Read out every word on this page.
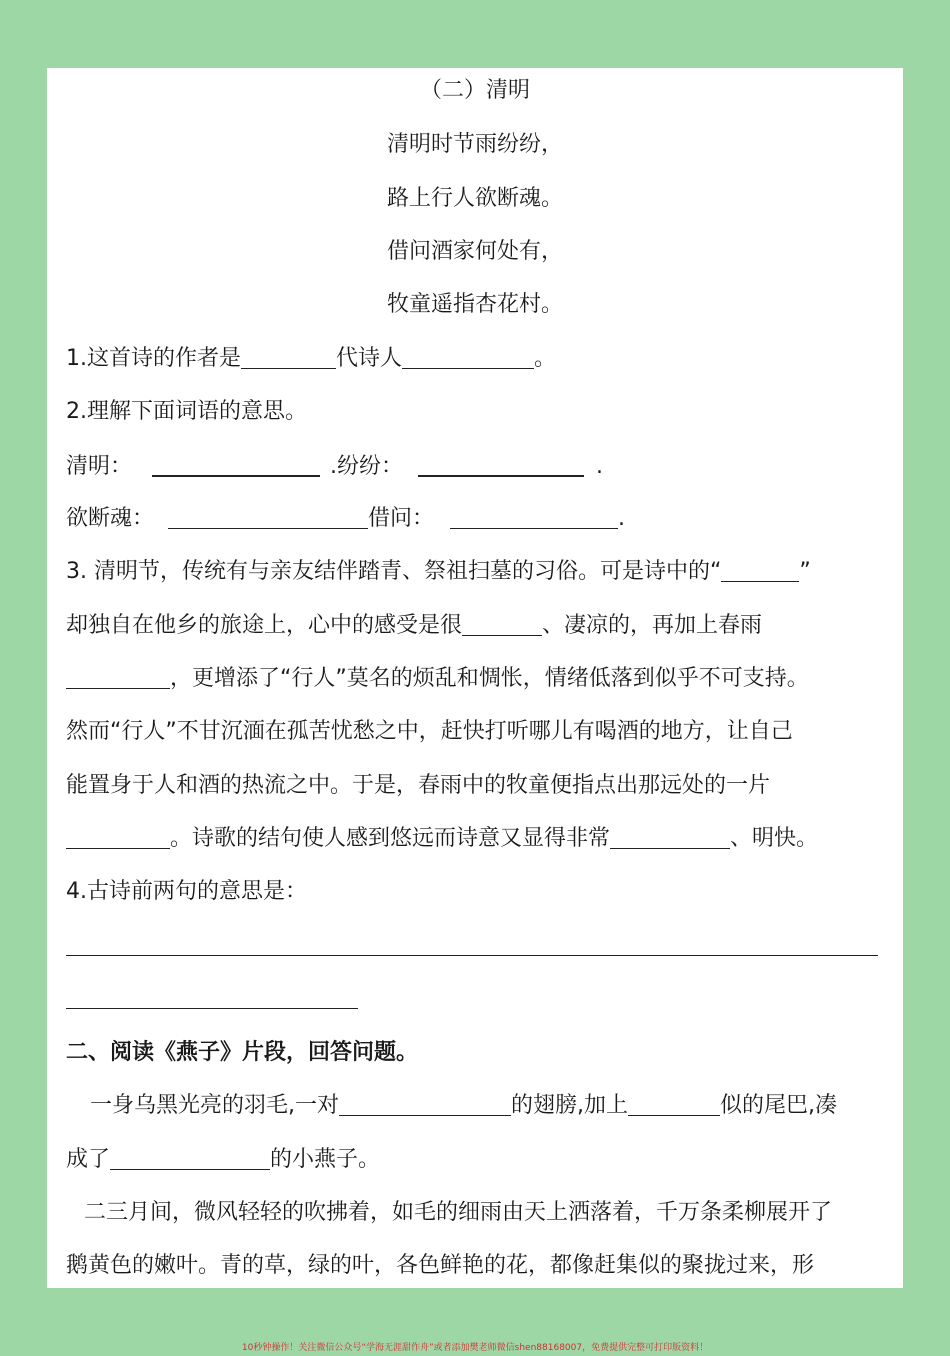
（二）清明
清明时节雨纷纷，
路上行人欲断魂。
借问酒家何处有，
牧童遥指杏花村。
1.这首诗的作者是	代诗人	。
2.理解下面词语的意思。
清明：	.纷纷：	.
欲断魂：	借问：	.
3. 清明节，传统有与亲友结伴踏青、祭祖扫墓的习俗。可是诗中的“	”
却独自在他乡的旅途上，心中的感受是很	、凄凉的，再加上春雨
，更增添了“行人”莫名的烦乱和惆怅，情绪低落到似乎不可支持。
然而“行人”不甘沉湎在孤苦忧愁之中，赶快打听哪儿有喝酒的地方，让自己
能置身于人和酒的热流之中。于是，春雨中的牧童便指点出那远处的一片
。诗歌的结句使人感到悠远而诗意又显得非常	、明快。
4.古诗前两句的意思是：
二、阅读《燕子》片段，回答问题。
一身乌黑光亮的羽毛,一对	的翅膀,加上	似的尾巴,凑
成了	的小燕子。
二三月间，微风轻轻的吹拂着，如毛的细雨由天上洒落着，千万条柔柳展开了
鹅黄色的嫩叶。青的草，绿的叶，各色鲜艳的花，都像赶集似的聚拢过来，形
10秒钟操作！关注微信公众号“学海无涯甜作舟”或者添加樊老师微信shen88168007，免费提供完整可打印版资料！
